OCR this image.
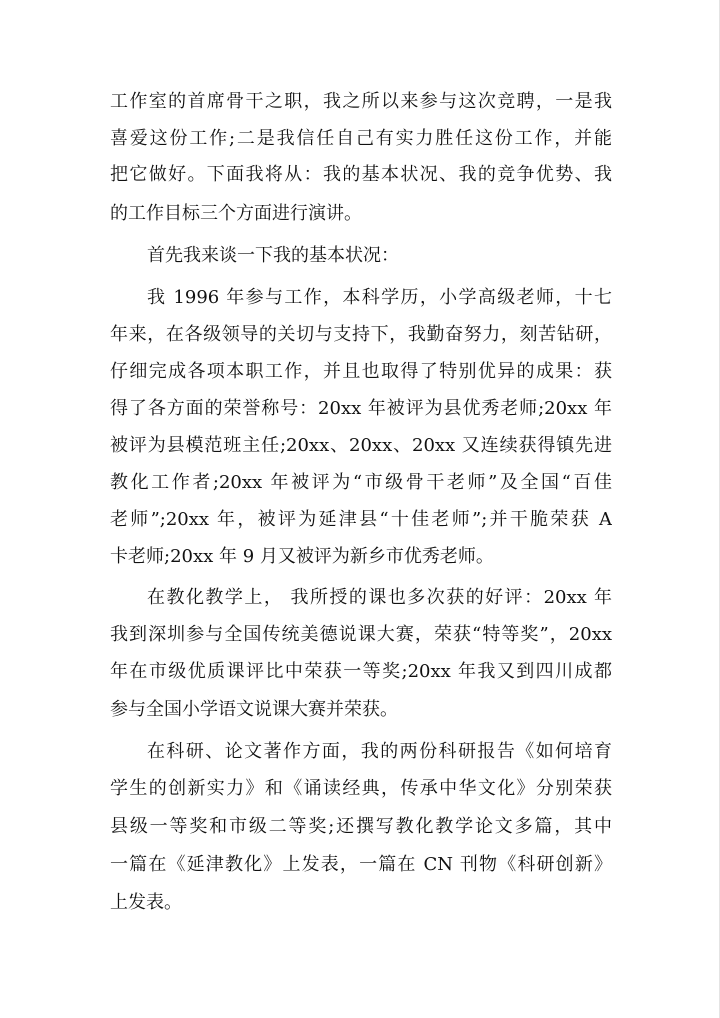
工作室的首席骨干之职，我之所以来参与这次竞聘，一是我
喜爱这份工作;二是我信任自己有实力胜任这份工作，并能
把它做好。下面我将从：我的基本状况、我的竞争优势、我
的工作目标三个方面进行演讲。
首先我来谈一下我的基本状况：
我 1996 年参与工作，本科学历，小学高级老师，十七
年来，在各级领导的关切与支持下，我勤奋努力，刻苦钻研，
仔细完成各项本职工作，并且也取得了特别优异的成果：获
得了各方面的荣誉称号：20xx 年被评为县优秀老师;20xx 年
被评为县模范班主任;20xx、20xx、20xx 又连续获得镇先进
教化工作者;20xx 年被评为“市级骨干老师”及全国“百佳
老师”;20xx 年，被评为延津县“十佳老师”;并干脆荣获 A
卡老师;20xx 年 9 月又被评为新乡市优秀老师。
在教化教学上， 我所授的课也多次获的好评：20xx 年
我到深圳参与全国传统美德说课大赛，荣获“特等奖”，20xx
年在市级优质课评比中荣获一等奖;20xx 年我又到四川成都
参与全国小学语文说课大赛并荣获。
在科研、论文著作方面，我的两份科研报告《如何培育
学生的创新实力》和《诵读经典，传承中华文化》分别荣获
县级一等奖和市级二等奖;还撰写教化教学论文多篇，其中
一篇在《延津教化》上发表，一篇在 CN 刊物《科研创新》
上发表。
